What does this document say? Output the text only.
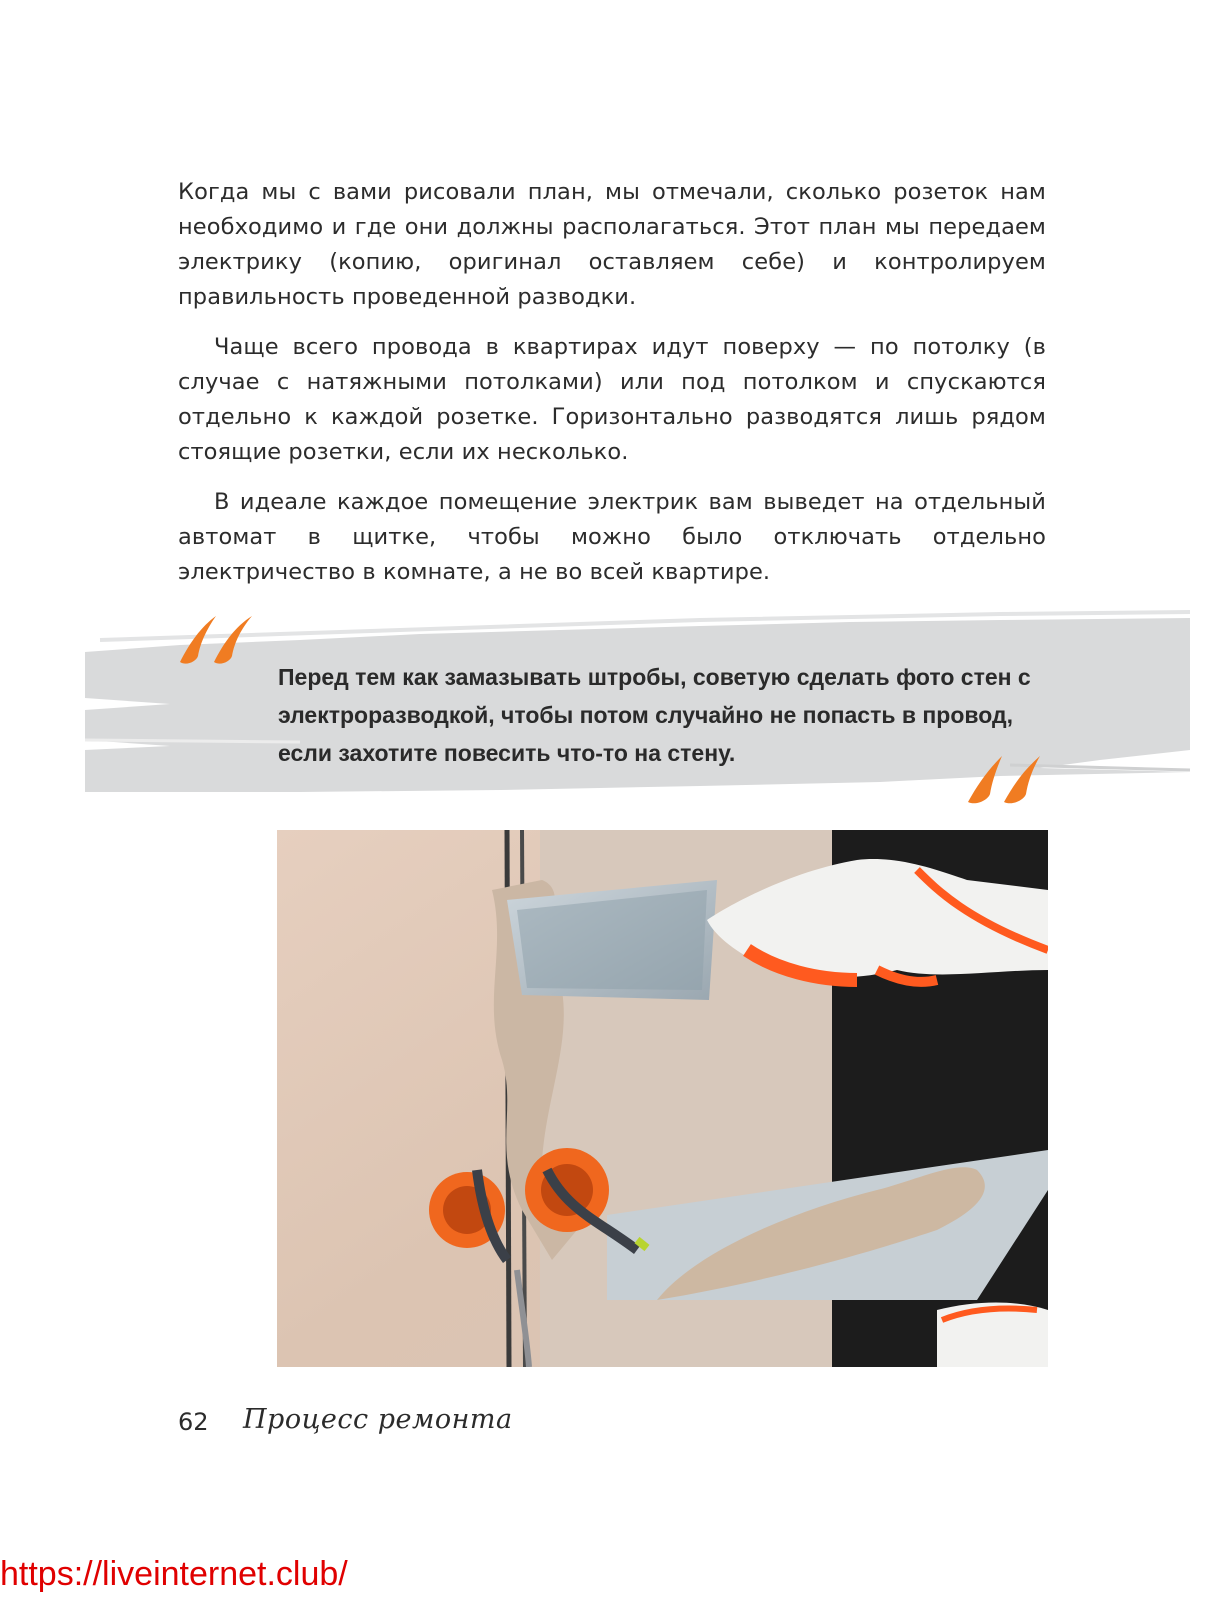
Когда мы с вами рисовали план, мы отмечали, сколько розеток нам необходимо и где они должны располагаться. Этот план мы передаем электрику (копию, оригинал оставляем себе) и контролируем правильность проведенной разводки.

Чаще всего провода в квартирах идут поверху — по потолку (в случае с натяжными потолками) или под потолком и спускаются отдельно к каждой розетке. Горизонтально разводятся лишь рядом стоящие розетки, если их несколько.

В идеале каждое помещение электрик вам выведет на отдельный автомат в щитке, чтобы можно было отключать отдельно электричество в комнате, а не во всей квартире.

Перед тем как замазывать штробы, советую сделать фото стен с электроразводкой, чтобы потом случайно не попасть в провод, если захотите повесить что-то на стену.
62 Процесс ремонта
https://liveinternet.club/
